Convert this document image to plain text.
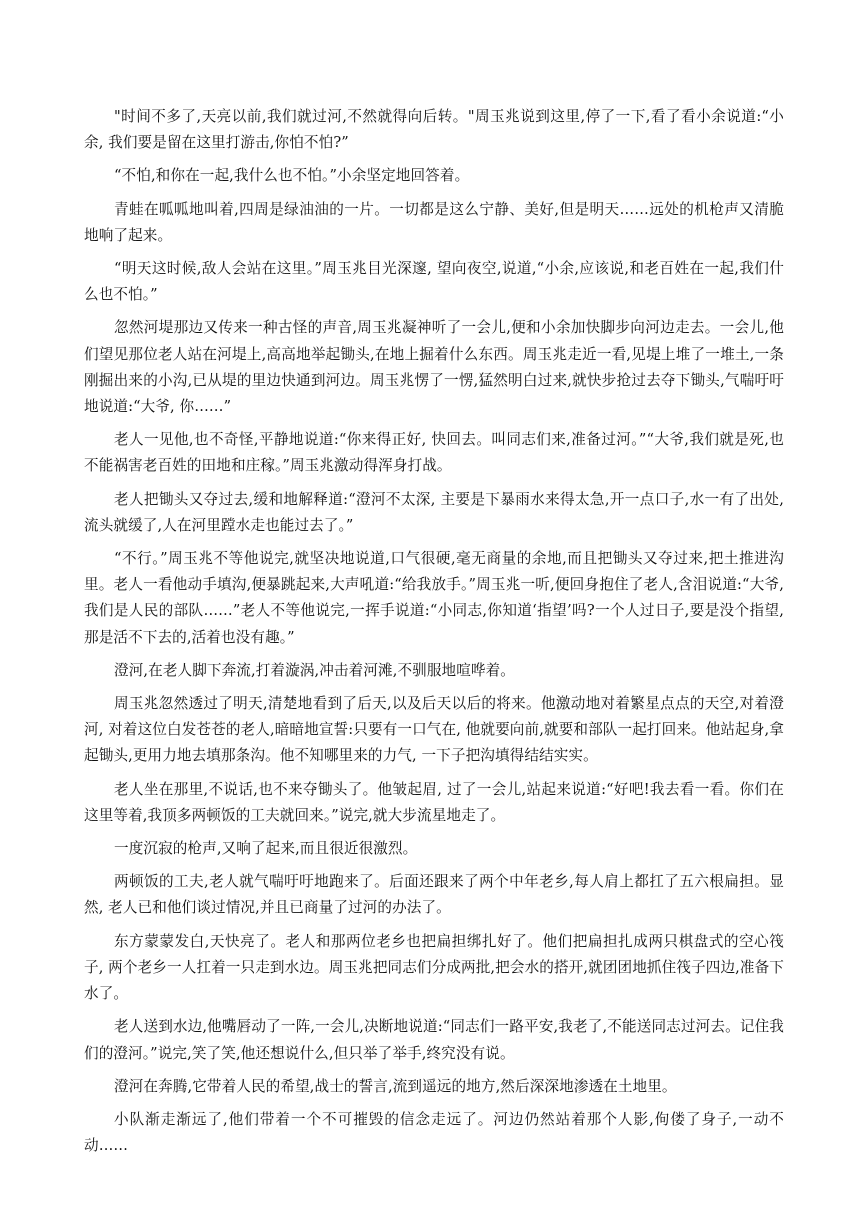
"时间不多了,天亮以前,我们就过河,不然就得向后转。"周玉兆说到这里,停了一下,看了看小余说道:“小余, 我们要是留在这里打游击,你怕不怕?”

“不怕,和你在一起,我什么也不怕。”小余坚定地回答着。

青蛙在呱呱地叫着,四周是绿油油的一片。一切都是这么宁静、美好,但是明天……远处的机枪声又清脆地响了起来。

“明天这时候,敌人会站在这里。”周玉兆目光深邃, 望向夜空,说道,“小余,应该说,和老百姓在一起,我们什么也不怕。”

忽然河堤那边又传来一种古怪的声音,周玉兆凝神听了一会儿,便和小余加快脚步向河边走去。一会儿,他们望见那位老人站在河堤上,高高地举起锄头,在地上掘着什么东西。周玉兆走近一看,见堤上堆了一堆土,一条刚掘出来的小沟,已从堤的里边快通到河边。周玉兆愣了一愣,猛然明白过来,就快步抢过去夺下锄头,气喘吁吁地说道:“大爷, 你……”

老人一见他,也不奇怪,平静地说道:“你来得正好, 快回去。叫同志们来,准备过河。”“大爷,我们就是死,也不能祸害老百姓的田地和庄稼。”周玉兆激动得浑身打战。

老人把锄头又夺过去,缓和地解释道:“澄河不太深, 主要是下暴雨水来得太急,开一点口子,水一有了出处,流头就缓了,人在河里蹚水走也能过去了。”

“不行。”周玉兆不等他说完,就坚决地说道,口气很硬,毫无商量的余地,而且把锄头又夺过来,把土推进沟里。老人一看他动手填沟,便暴跳起来,大声吼道:“给我放手。”周玉兆一听,便回身抱住了老人,含泪说道:“大爷, 我们是人民的部队……”老人不等他说完,一挥手说道:“小同志,你知道‘指望’吗?一个人过日子,要是没个指望,那是活不下去的,活着也没有趣。”

澄河,在老人脚下奔流,打着漩涡,冲击着河滩,不驯服地喧哗着。

周玉兆忽然透过了明天,清楚地看到了后天,以及后天以后的将来。他激动地对着繁星点点的天空,对着澄河, 对着这位白发苍苍的老人,暗暗地宣誓:只要有一口气在, 他就要向前,就要和部队一起打回来。他站起身,拿起锄头,更用力地去填那条沟。他不知哪里来的力气, 一下子把沟填得结结实实。

老人坐在那里,不说话,也不来夺锄头了。他皱起眉, 过了一会儿,站起来说道:“好吧!我去看一看。你们在这里等着,我顶多两顿饭的工夫就回来。”说完,就大步流星地走了。

一度沉寂的枪声,又响了起来,而且很近很激烈。

两顿饭的工夫,老人就气喘吁吁地跑来了。后面还跟来了两个中年老乡,每人肩上都扛了五六根扁担。显然, 老人已和他们谈过情况,并且已商量了过河的办法了。

东方蒙蒙发白,天快亮了。老人和那两位老乡也把扁担绑扎好了。他们把扁担扎成两只棋盘式的空心筏子, 两个老乡一人扛着一只走到水边。周玉兆把同志们分成两批,把会水的搭开,就团团地抓住筏子四边,准备下水了。

老人送到水边,他嘴唇动了一阵,一会儿,决断地说道:“同志们一路平安,我老了,不能送同志过河去。记住我们的澄河。”说完,笑了笑,他还想说什么,但只举了举手,终究没有说。

澄河在奔腾,它带着人民的希望,战士的誓言,流到遥远的地方,然后深深地渗透在土地里。

小队渐走渐远了,他们带着一个不可摧毁的信念走远了。河边仍然站着那个人影,佝偻了身子,一动不动……
